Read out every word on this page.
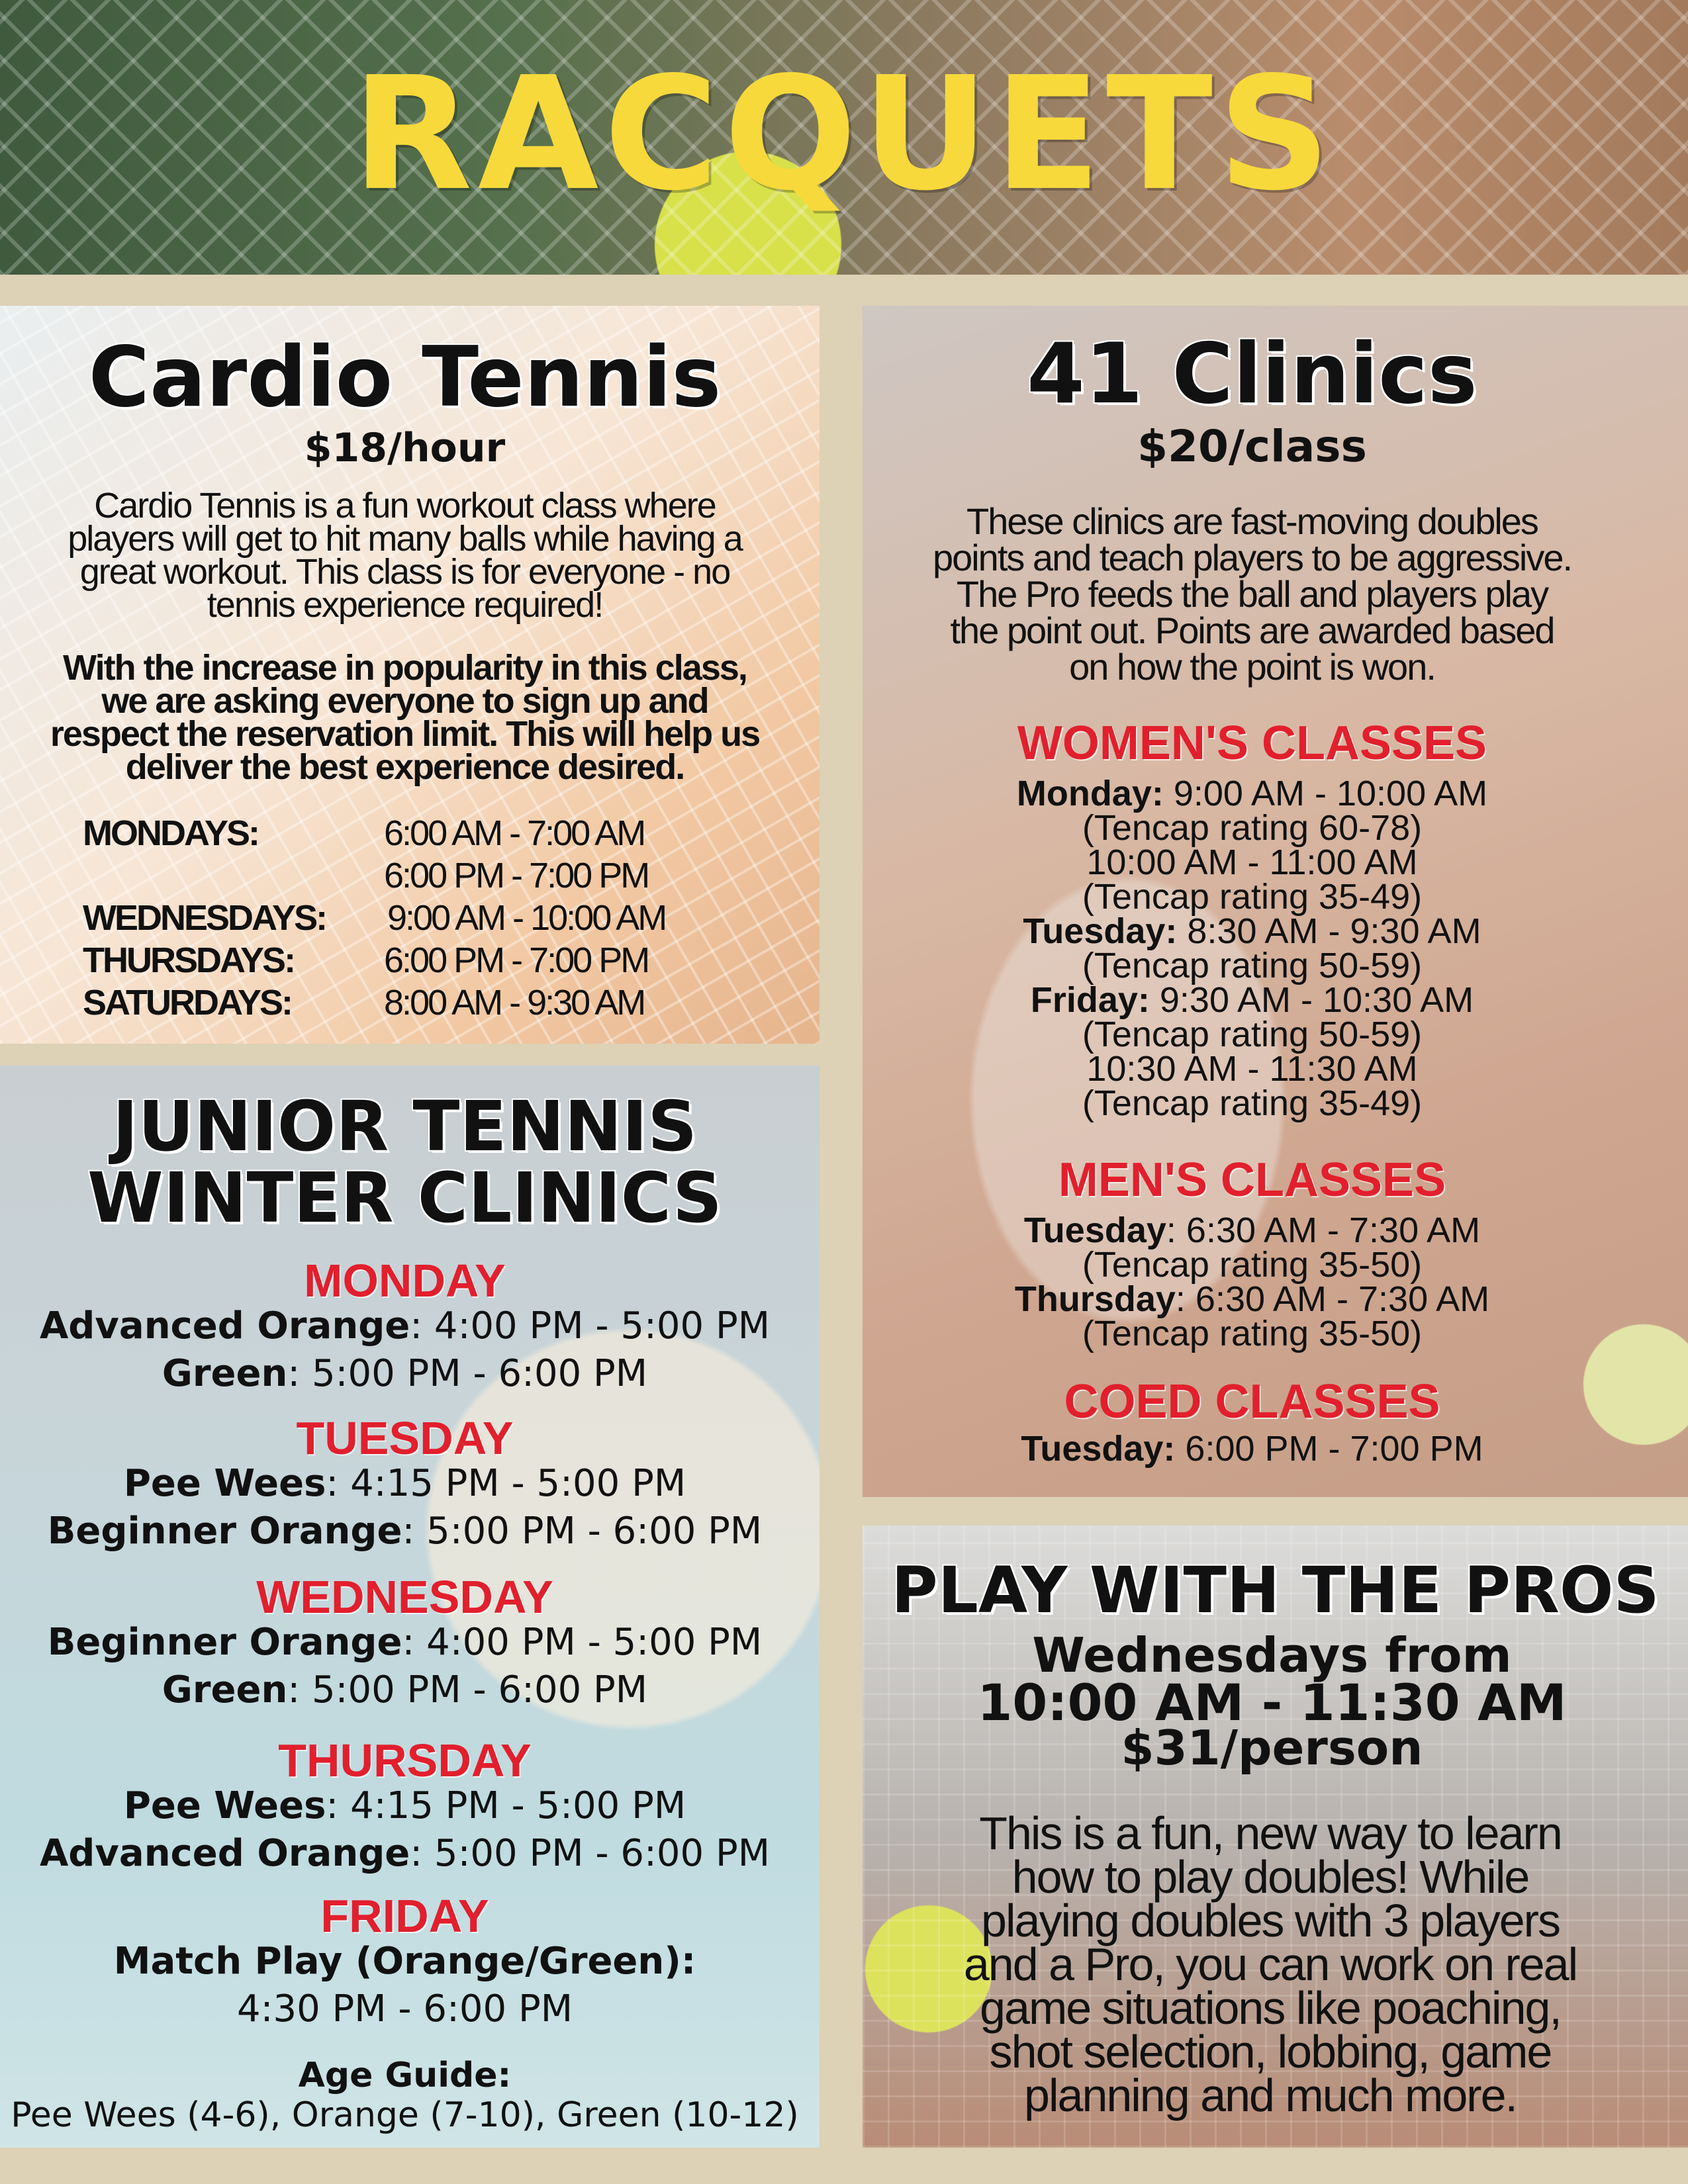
RACQUETS
Cardio Tennis
$18/hour
Cardio Tennis is a fun workout class where
players will get to hit many balls while having a
great workout. This class is for everyone - no
tennis experience required!
With the increase in popularity in this class,
we are asking everyone to sign up and
respect the reservation limit. This will help us
deliver the best experience desired.
MONDAYS:	6:00 AM - 7:00 AM
6:00 PM - 7:00 PM
WEDNESDAYS: 9:00 AM - 10:00 AM
THURSDAYS:	6:00 PM - 7:00 PM
SATURDAYS:	8:00 AM - 9:30 AM
41 Clinics
$20/class
WOMEN'S CLASSES
MEN'S CLASSES
COED CLASSES
These clinics are fast-moving doubles
points and teach players to be aggressive.
The Pro feeds the ball and players play
the point out. Points are awarded based
on how the point is won.
Monday: 9:00 AM - 10:00 AM
(Tencap rating 60-78)
10:00 AM - 11:00 AM
(Tencap rating 35-49)
Tuesday: 8:30 AM - 9:30 AM
(Tencap rating 50-59)
Friday: 9:30 AM - 10:30 AM
(Tencap rating 50-59)
10:30 AM - 11:30 AM
(Tencap rating 35-49)
Tuesday: 6:30 AM - 7:30 AM
(Tencap rating 35-50)
Thursday: 6:30 AM - 7:30 AM
(Tencap rating 35-50)
Tuesday: 6:00 PM - 7:00 PM
JUNIOR TENNIS
WINTER CLINICS
Age Guide:
Pee Wees (4-6), Orange (7-10), Green (10-12)
MONDAY
Advanced Orange: 4:00 PM - 5:00 PM
Green: 5:00 PM - 6:00 PM
TUESDAY
Pee Wees: 4:15 PM - 5:00 PM
Beginner Orange: 5:00 PM - 6:00 PM
WEDNESDAY
Beginner Orange: 4:00 PM - 5:00 PM
Green: 5:00 PM - 6:00 PM
THURSDAY
Pee Wees: 4:15 PM - 5:00 PM
Advanced Orange: 5:00 PM - 6:00 PM
FRIDAY
Match Play (Orange/Green):
4:30 PM - 6:00 PM
PLAY WITH THE PROS
Wednesdays from
10:00 AM - 11:30 AM
$31/person
This is a fun, new way to learn
how to play doubles! While
playing doubles with 3 players
and a Pro, you can work on real
game situations like poaching,
shot selection, lobbing, game
planning and much more.
